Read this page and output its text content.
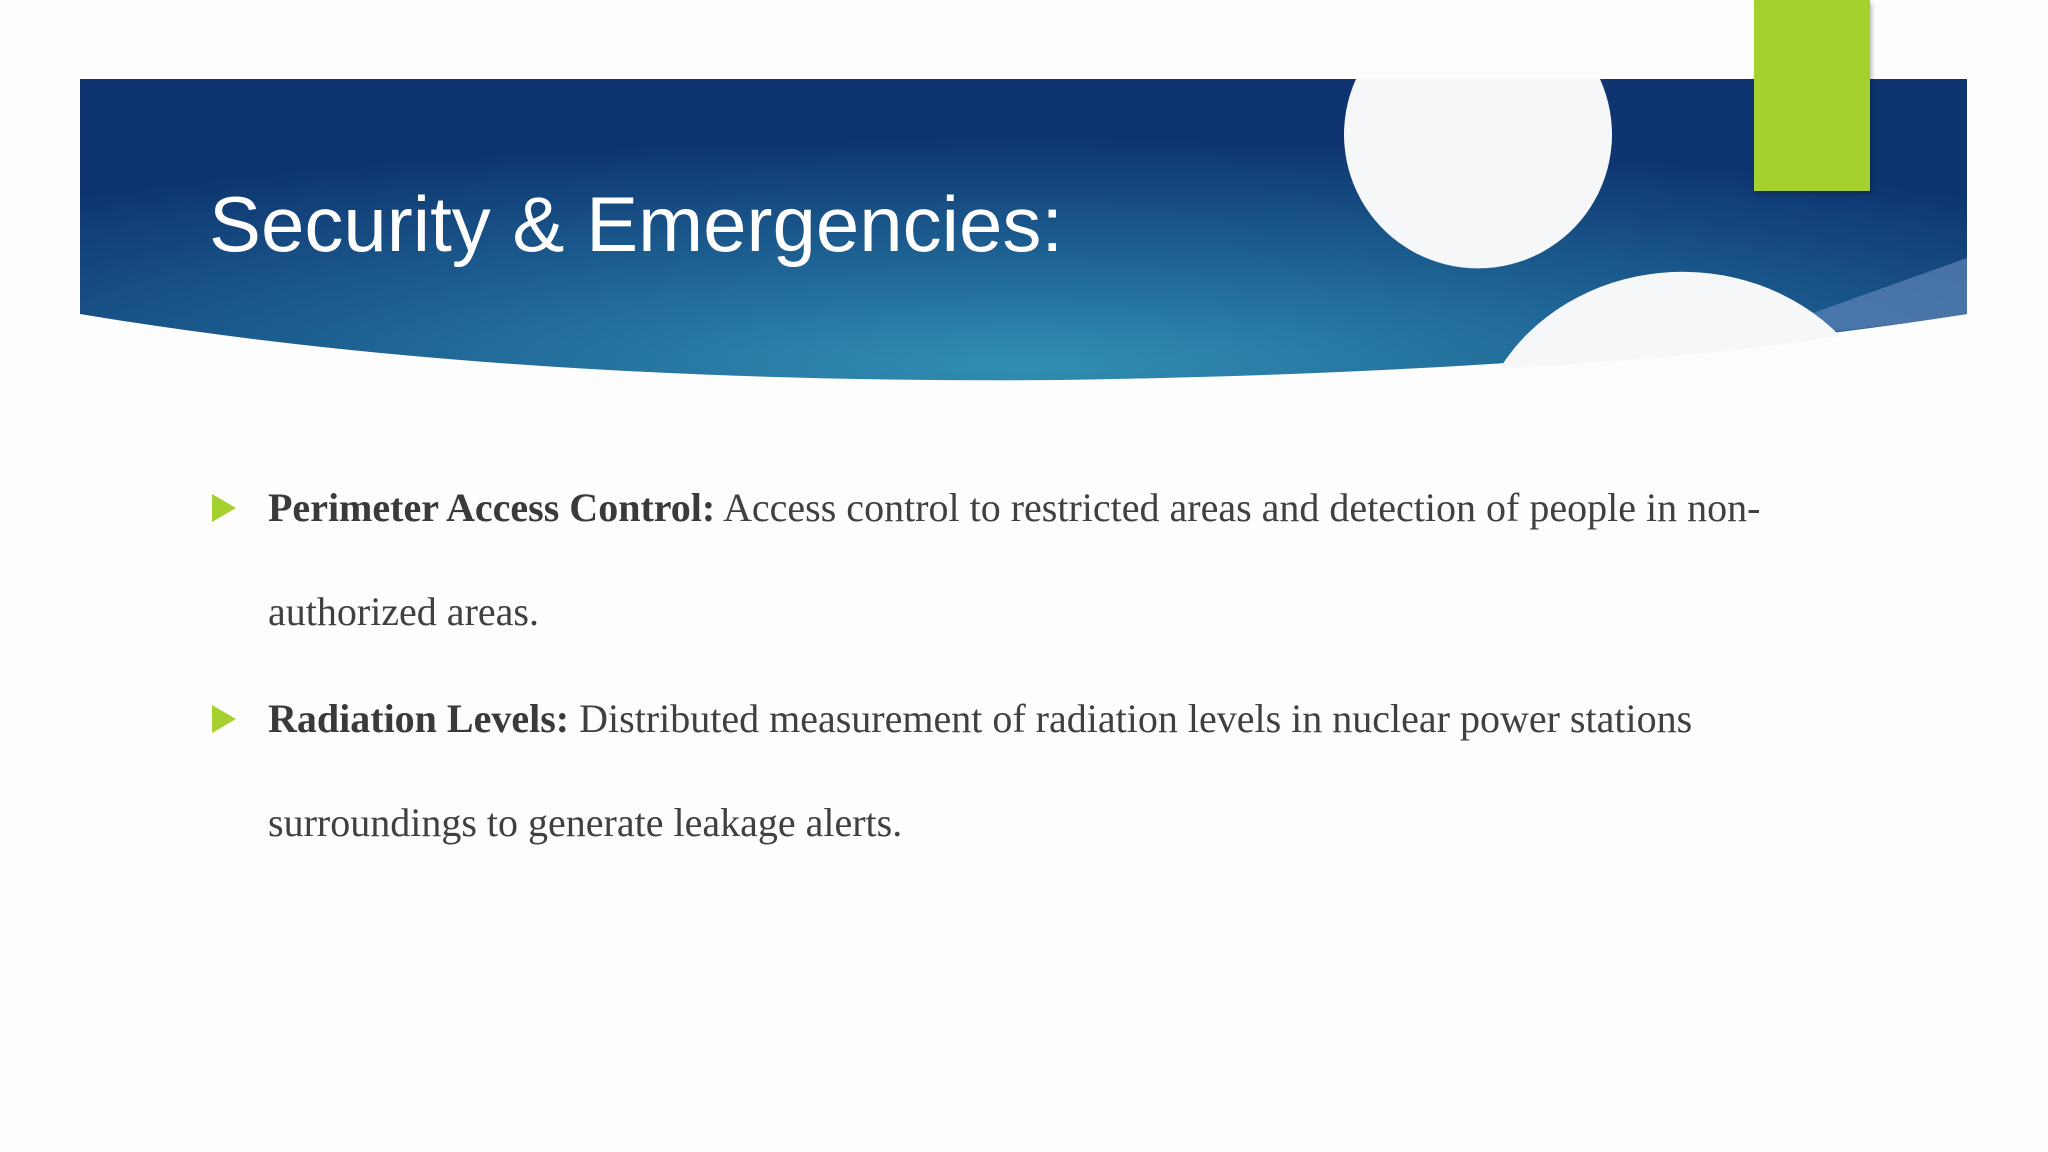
Security & Emergencies:
Perimeter Access Control: Access control to restricted areas and detection of people in non-authorized areas.
Radiation Levels: Distributed measurement of radiation levels in nuclear power stations surroundings to generate leakage alerts.
